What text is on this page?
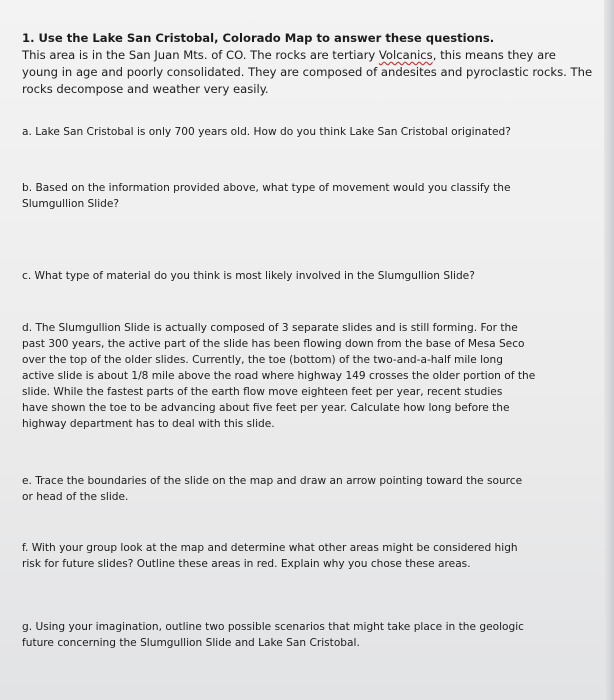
1. Use the Lake San Cristobal, Colorado Map to answer these questions.
This area is in the San Juan Mts. of CO. The rocks are tertiary Volcanics, this means they are
young in age and poorly consolidated. They are composed of andesites and pyroclastic rocks. The
rocks decompose and weather very easily.
a. Lake San Cristobal is only 700 years old. How do you think Lake San Cristobal originated?
b. Based on the information provided above, what type of movement would you classify the
Slumgullion Slide?
c. What type of material do you think is most likely involved in the Slumgullion Slide?
d. The Slumgullion Slide is actually composed of 3 separate slides and is still forming. For the
past 300 years, the active part of the slide has been flowing down from the base of Mesa Seco
over the top of the older slides. Currently, the toe (bottom) of the two-and-a-half mile long
active slide is about 1/8 mile above the road where highway 149 crosses the older portion of the
slide. While the fastest parts of the earth flow move eighteen feet per year, recent studies
have shown the toe to be advancing about five feet per year. Calculate how long before the
highway department has to deal with this slide.
e. Trace the boundaries of the slide on the map and draw an arrow pointing toward the source
or head of the slide.
f. With your group look at the map and determine what other areas might be considered high
risk for future slides? Outline these areas in red. Explain why you chose these areas.
g. Using your imagination, outline two possible scenarios that might take place in the geologic
future concerning the Slumgullion Slide and Lake San Cristobal.
